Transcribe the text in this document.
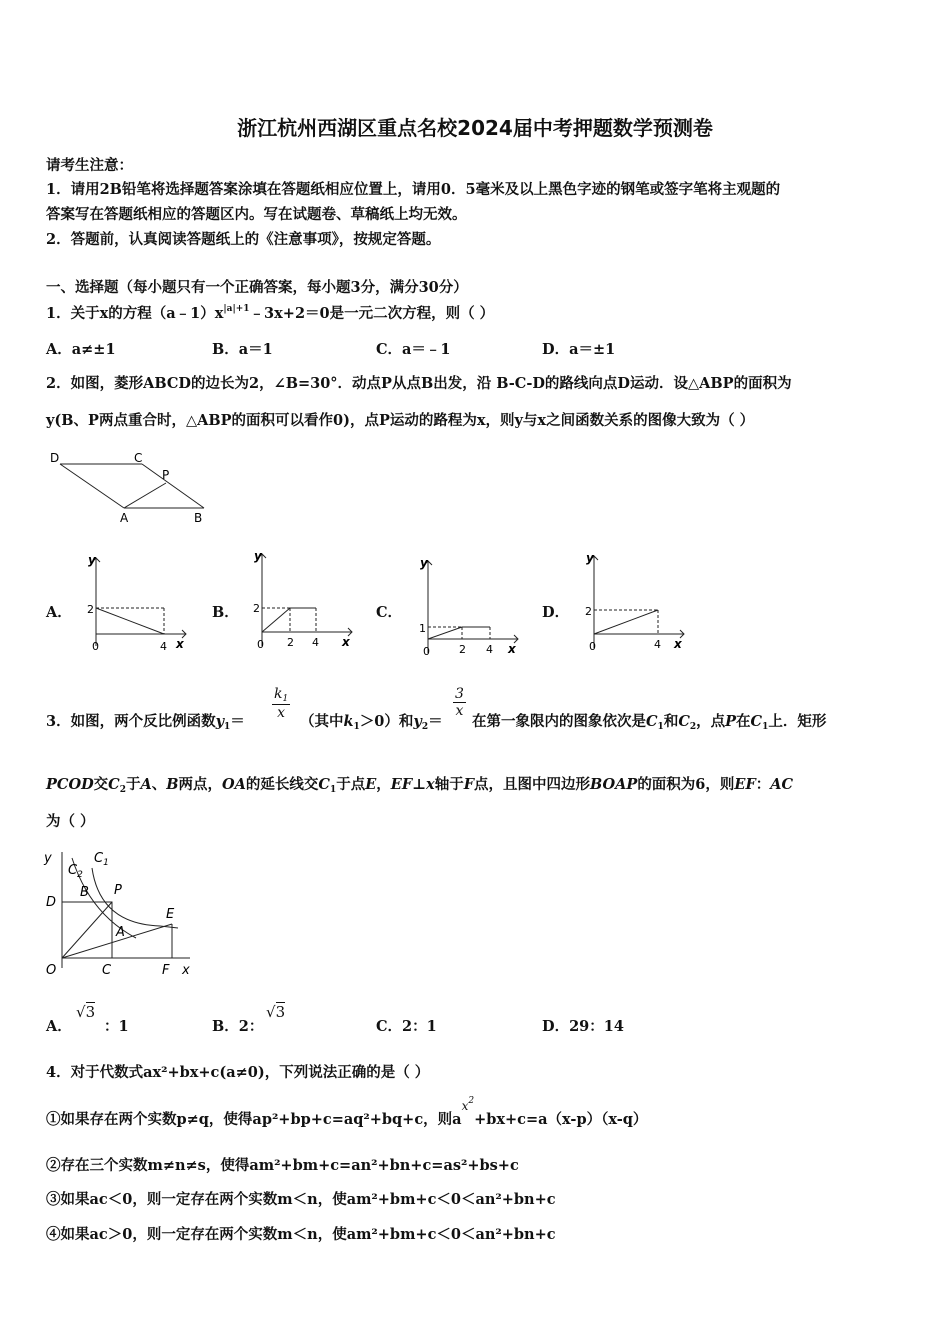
浙江杭州西湖区重点名校2024届中考押题数学预测卷
请考生注意：
1．请用2B铅笔将选择题答案涂填在答题纸相应位置上，请用0．5毫米及以上黑色字迹的钢笔或签字笔将主观题的
答案写在答题纸相应的答题区内。写在试题卷、草稿纸上均无效。
2．答题前，认真阅读答题纸上的《注意事项》，按规定答题。
一、选择题（每小题只有一个正确答案，每小题3分，满分30分）
1．关于x的方程$(a﹣1)x^{|a|+1}﹣3x+2=0$是一元二次方程，则（ ）
A．a≠±1	B．a＝1	C．a＝﹣1	D．a＝±1
2．如图，菱形ABCD的边长为2，∠B=30°．动点P从点B出发，沿 B-C-D的路线向点D运动．设△ABP的面积为
y(B、P两点重合时，△ABP的面积可以看作0)，点P运动的路程为x，则y与x之间函数关系的图像大致为（ ）
D	C
P
A	B
A．	B．	C．	D．
y
x
0
2
4
y
x
0
2
2 4
y
x
0
1
2 4
y
x
0
2
4
3．如图，两个反比例函数$y_1=$
$\frac{k_1}{x}$
（其中$k_1>0$）和$y_2=$
$\frac{3}{x}$
在第一象限内的图象依次是$C_1$和$C_2$，点P在$C_1$上．矩形
PCOD交$C_2$于A、B两点，OA的延长线交$C_1$于点E，EF⊥x轴于F点，且图中四边形BOAP的面积为6，则EF：AC
为（ ）
y
$C_2$
$C_1$
B P
D
E
A
O	C	F x
A．
√3
：1	B．2：
√3
C．2：1	D．29：14
4．对于代数式ax²+bx+c(a≠0)，下列说法正确的是（ ）
①如果存在两个实数p≠q，使得ap²+bp+c=aq²+bq+c，则$a^{x^2}+bx+c=a(x-p)(x-q)$
②存在三个实数m≠n≠s，使得am²+bm+c=an²+bn+c=as²+bs+c
③如果ac＜0，则一定存在两个实数m＜n，使am²+bm+c＜0＜an²+bn+c
④如果ac＞0，则一定存在两个实数m＜n，使am²+bm+c＜0＜an²+bn+c
